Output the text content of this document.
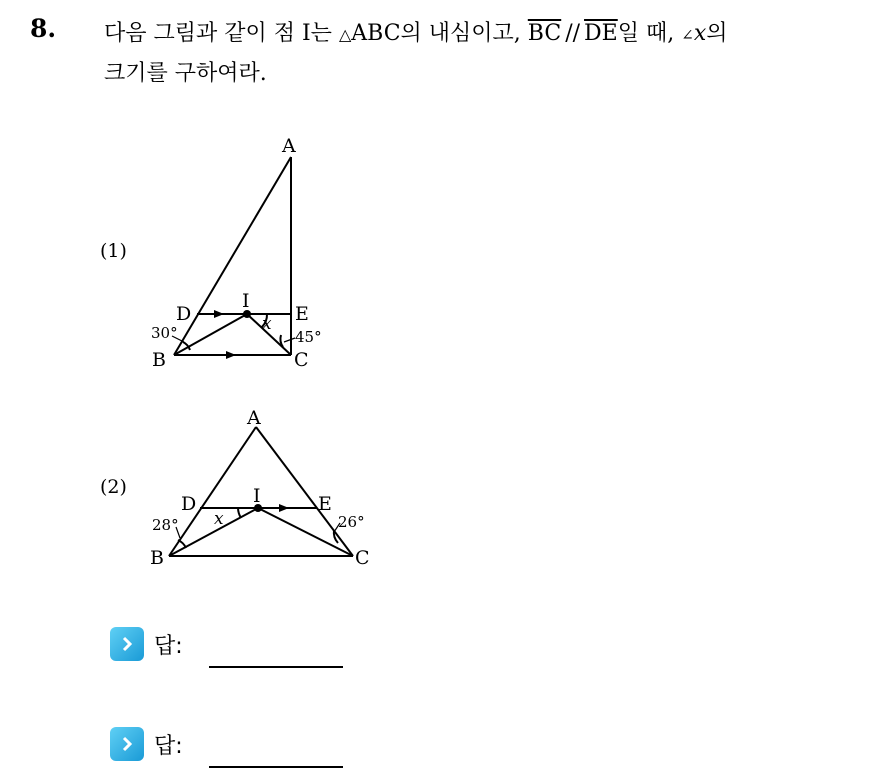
8. 다음 그림과 같이 점 I는 △ABC의 내심이고, $\overline{BC} // \overline{DE}$일 때, ∠x의
크기를 구하여라.
(1)
A
D
I
E
B	C
30°	x
45°
(2)
A
D	I	E
B	C
28° x	26°
답:
답:
